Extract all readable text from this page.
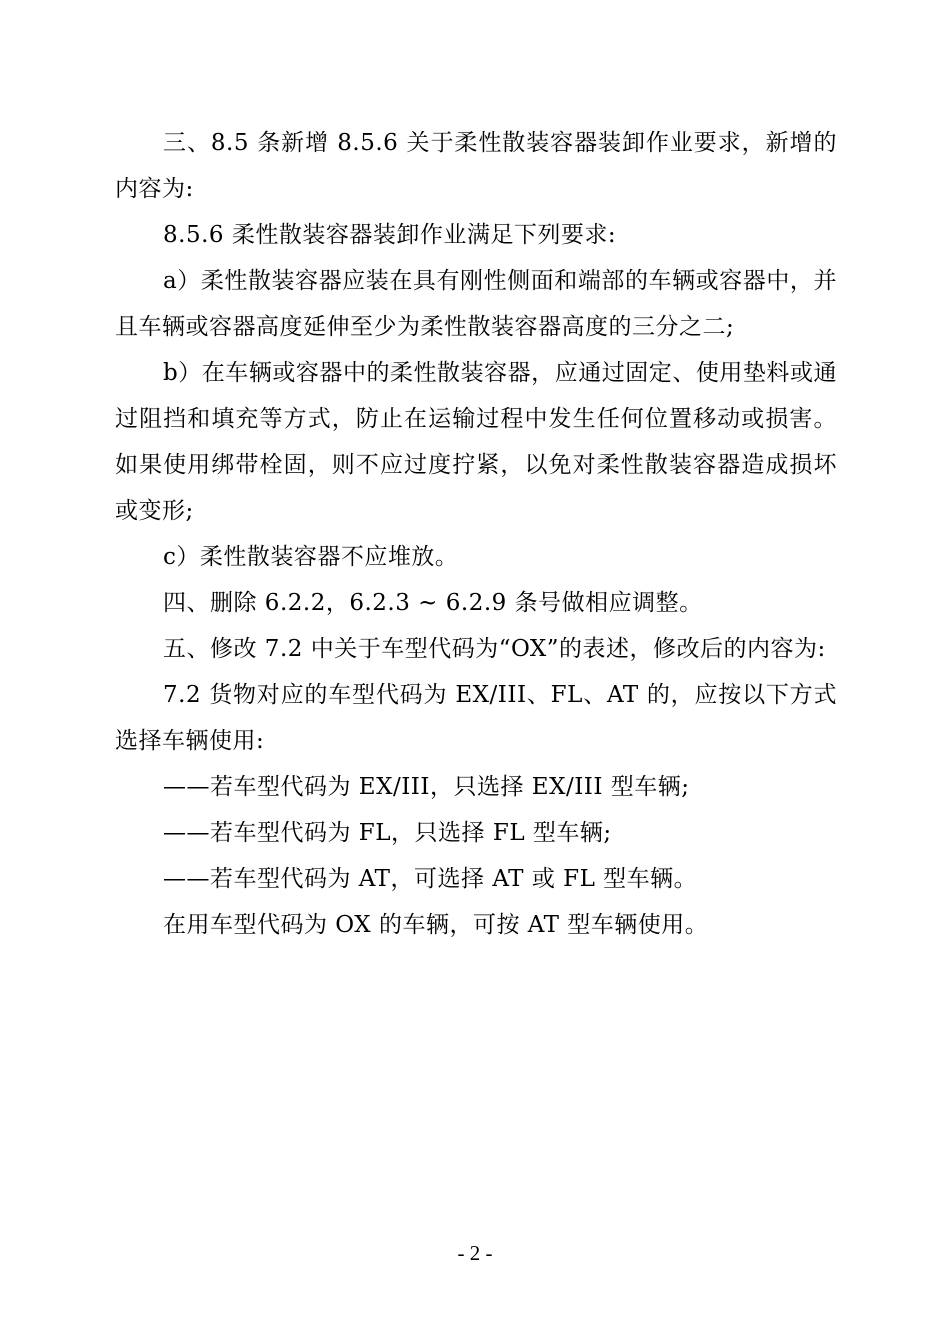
三、8.5 条新增 8.5.6 关于柔性散装容器装卸作业要求，新增的内容为:

8.5.6 柔性散装容器装卸作业满足下列要求:

a）柔性散装容器应装在具有刚性侧面和端部的车辆或容器中，并且车辆或容器高度延伸至少为柔性散装容器高度的三分之二;

b）在车辆或容器中的柔性散装容器，应通过固定、使用垫料或通过阻挡和填充等方式，防止在运输过程中发生任何位置移动或损害。如果使用绑带栓固，则不应过度拧紧，以免对柔性散装容器造成损坏或变形;

c）柔性散装容器不应堆放。

四、删除 6.2.2，6.2.3 ~ 6.2.9 条号做相应调整。

五、修改 7.2 中关于车型代码为“OX”的表述，修改后的内容为:

7.2 货物对应的车型代码为 EX/III、FL、AT 的，应按以下方式选择车辆使用:

——若车型代码为 EX/III，只选择 EX/III 型车辆;

——若车型代码为 FL，只选择 FL 型车辆;

——若车型代码为 AT，可选择 AT 或 FL 型车辆。

在用车型代码为 OX 的车辆，可按 AT 型车辆使用。

- 2 -
